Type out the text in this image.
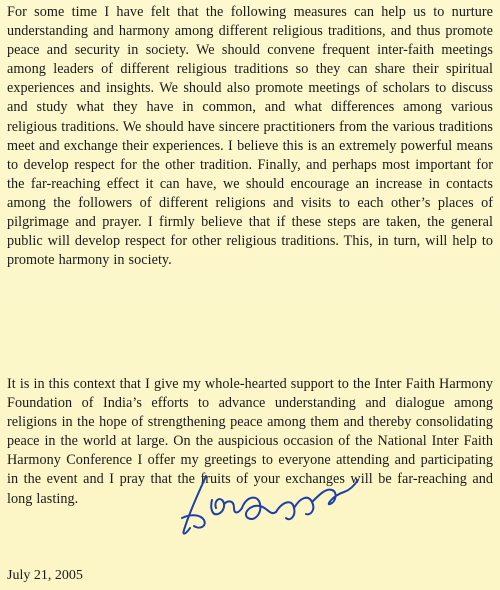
For some time I have felt that the following measures can help us to nurture understanding and harmony among different religious traditions, and thus promote peace and security in society. We should convene frequent inter-faith meetings among leaders of different religious traditions so they can share their spiritual experiences and insights. We should also promote meetings of scholars to discuss and study what they have in common, and what differences among various religious traditions. We should have sincere practitioners from the various traditions meet and exchange their experiences. I believe this is an extremely powerful means to develop respect for the other tradition. Finally, and perhaps most important for the far-reaching effect it can have, we should encourage an increase in contacts among the followers of different religions and visits to each other’s places of pilgrimage and prayer. I firmly believe that if these steps are taken, the general public will develop respect for other religious traditions. This, in turn, will help to promote harmony in society.

It is in this context that I give my whole-hearted support to the Inter Faith Harmony Foundation of India’s efforts to advance understanding and dialogue among religions in the hope of strengthening peace among them and thereby consolidating peace in the world at large. On the auspicious occasion of the National Inter Faith Harmony Conference I offer my greetings to everyone attending and participating in the event and I pray that the fruits of your exchanges will be far-reaching and long lasting.

July 21, 2005
